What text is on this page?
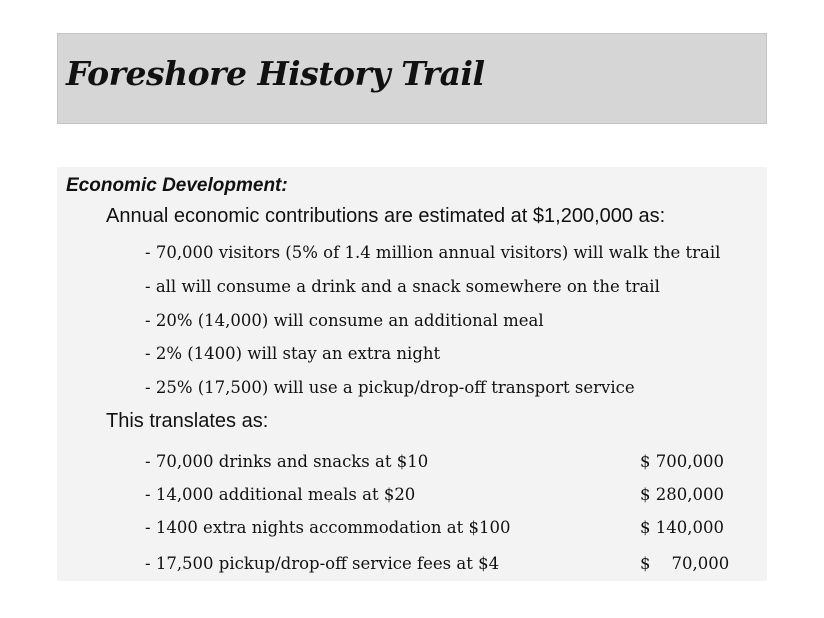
Foreshore History Trail
Economic Development:
Annual economic contributions are estimated at $1,200,000 as:
- 70,000 visitors (5% of 1.4 million annual visitors) will walk the trail
- all will consume a drink and a snack somewhere on the trail
- 20% (14,000) will consume an additional meal
- 2% (1400) will stay an extra night
- 25% (17,500) will use a pickup/drop-off transport service
This translates as:
- 70,000 drinks and snacks at $10	$ 700,000
- 14,000 additional meals at $20	$ 280,000
- 1400 extra nights accommodation at $100	$ 140,000
- 17,500 pickup/drop-off service fees at $4	$    70,000
